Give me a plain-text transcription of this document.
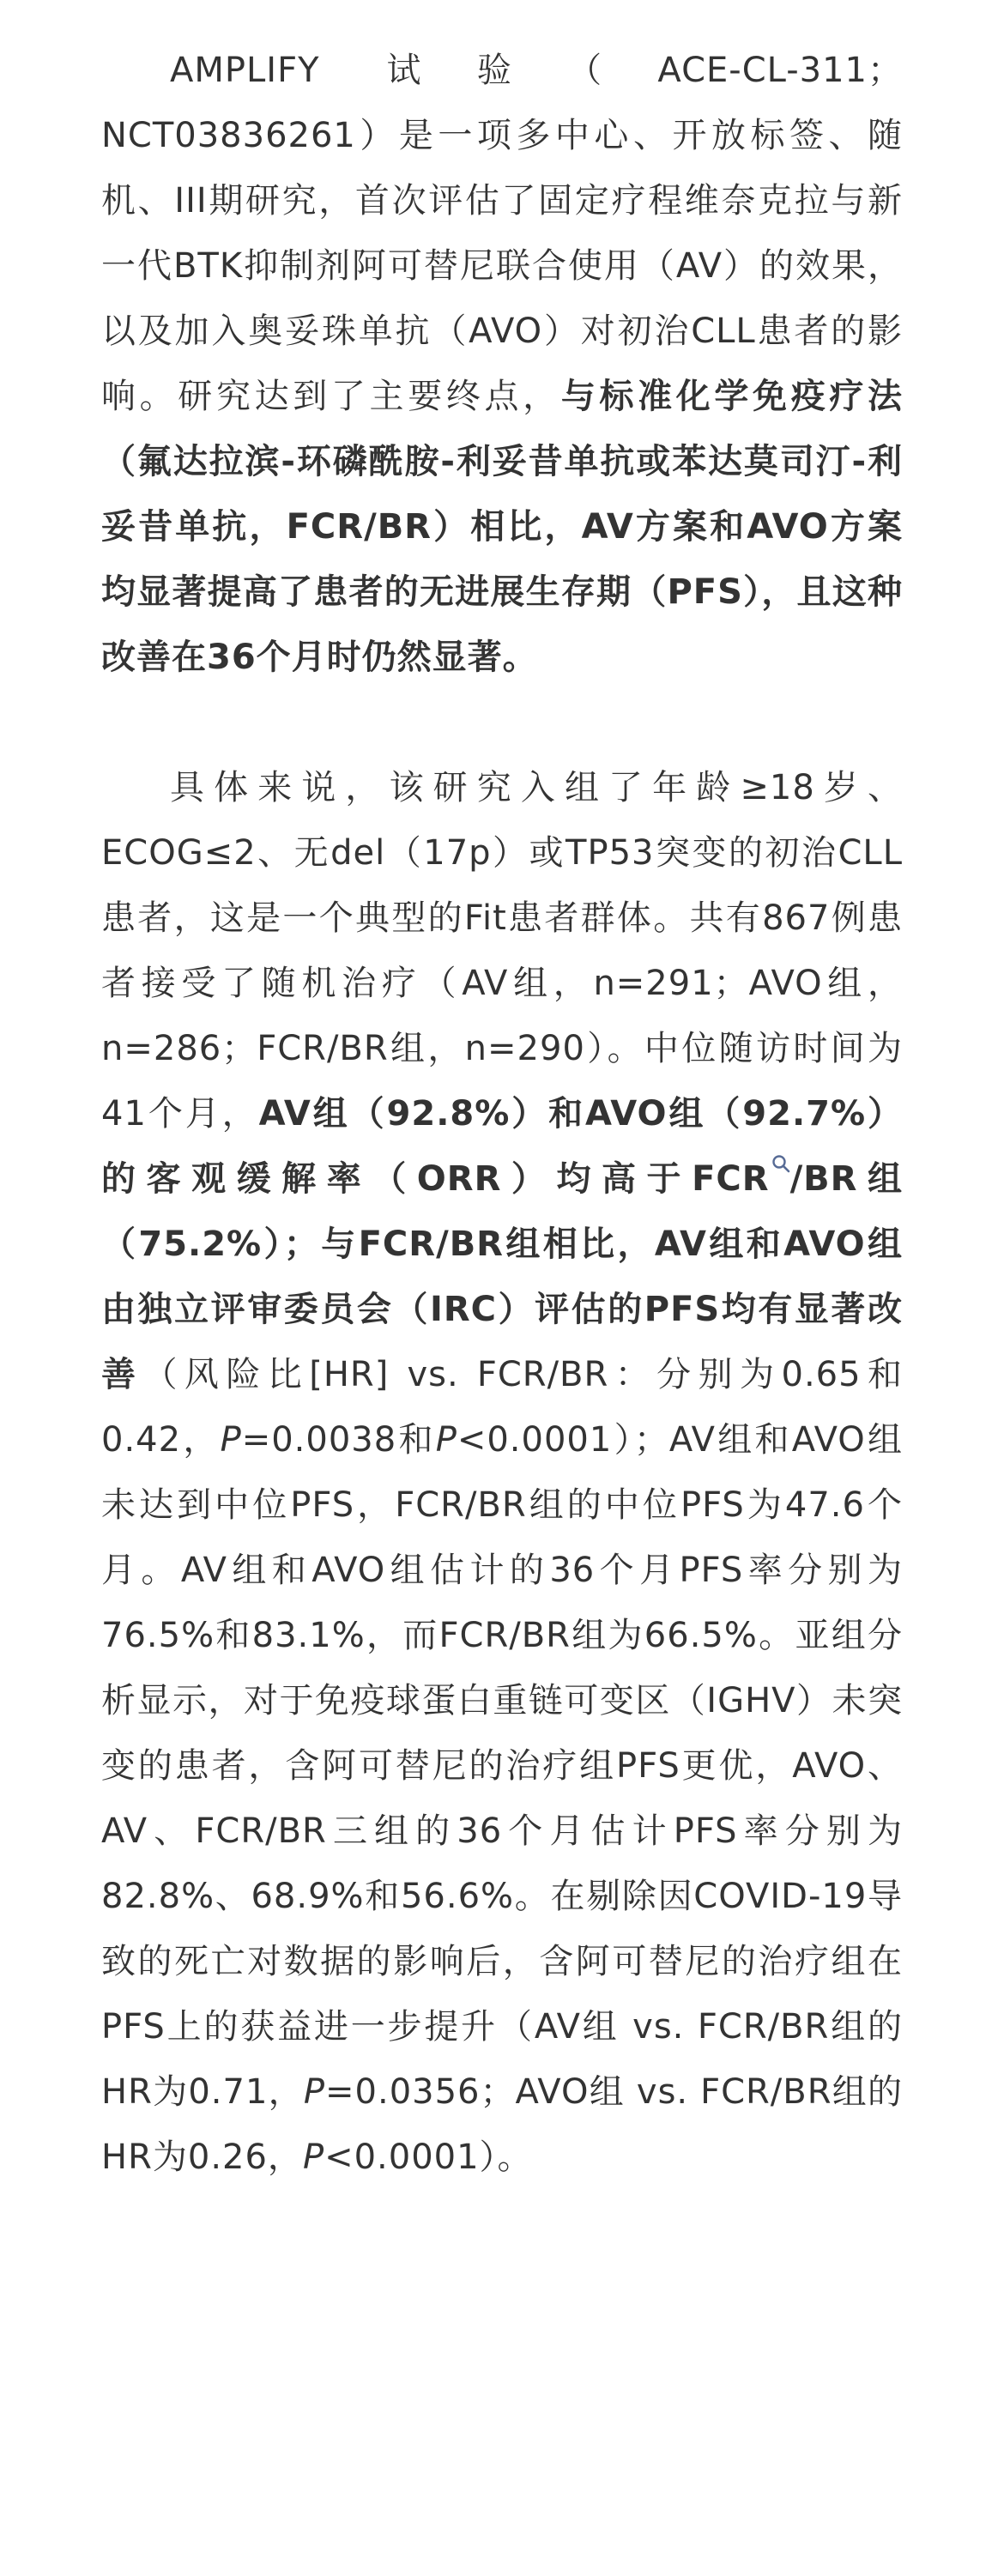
AMPLIFY 试验（ACE-CL-311；NCT03836261）是一项多中心、开放标签、随机、III期研究，首次评估了固定疗程维奈克拉与新一代BTK抑制剂阿可替尼联合使用（AV）的效果，以及加入奥妥珠单抗（AVO）对初治CLL患者的影响。研究达到了主要终点，与标准化学免疫疗法（氟达拉滨-环磷酰胺-利妥昔单抗或苯达莫司汀-利妥昔单抗，FCR/BR）相比，AV方案和AVO方案均显著提高了患者的无进展生存期（PFS），且这种改善在36个月时仍然显著。

具体来说，该研究入组了年龄≥18岁、ECOG≤2、无del（17p）或TP53突变的初治CLL患者，这是一个典型的Fit患者群体。共有867例患者接受了随机治疗（AV组，n=291；AVO组，n=286；FCR/BR组，n=290）。中位随访时间为41个月，AV组（92.8%）和AVO组（92.7%）的客观缓解率（ORR）均高于FCR /BR组（75.2%）；与FCR/BR组相比，AV组和AVO组由独立评审委员会（IRC）评估的PFS均有显著改善（风险比[HR] vs. FCR/BR：分别为0.65和0.42，P=0.0038和P<0.0001）；AV组和AVO组未达到中位PFS，FCR/BR组的中位PFS为47.6个月。AV组和AVO组估计的36个月PFS率分别为76.5%和83.1%，而FCR/BR组为66.5%。亚组分析显示，对于免疫球蛋白重链可变区（IGHV）未突变的患者，含阿可替尼的治疗组PFS更优，AVO、AV、FCR/BR三组的36个月估计PFS率分别为82.8%、68.9%和56.6%。在剔除因COVID-19导致的死亡对数据的影响后，含阿可替尼的治疗组在PFS上的获益进一步提升（AV组 vs. FCR/BR组的HR为0.71，P=0.0356；AVO组 vs. FCR/BR组的HR为0.26，P<0.0001）。
